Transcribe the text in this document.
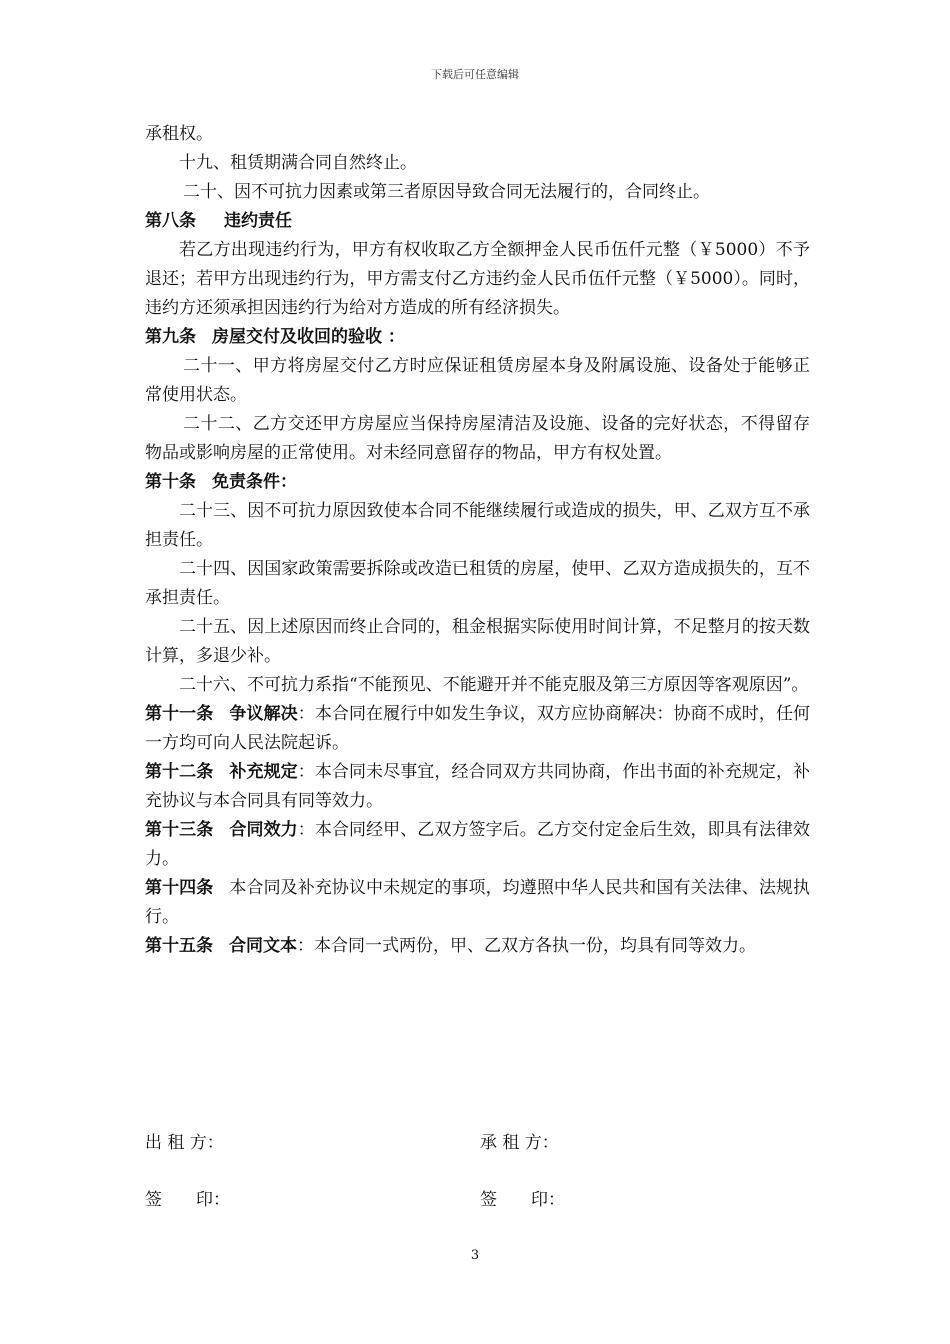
下载后可任意编辑

承租权。

十九、租赁期满合同自然终止。

二十、因不可抗力因素或第三者原因导致合同无法履行的，合同终止。

第八条 违约责任

若乙方出现违约行为，甲方有权收取乙方全额押金人民币伍仟元整（￥5000）不予退还；若甲方出现违约行为，甲方需支付乙方违约金人民币伍仟元整（￥5000）。同时，违约方还须承担因违约行为给对方造成的所有经济损失。

第九条 房屋交付及收回的验收 ：

二十一、甲方将房屋交付乙方时应保证租赁房屋本身及附属设施、设备处于能够正常使用状态。

二十二、乙方交还甲方房屋应当保持房屋清洁及设施、设备的完好状态，不得留存物品或影响房屋的正常使用。对未经同意留存的物品，甲方有权处置。

第十条 免责条件：

二十三、因不可抗力原因致使本合同不能继续履行或造成的损失，甲、乙双方互不承担责任。

二十四、因国家政策需要拆除或改造已租赁的房屋，使甲、乙双方造成损失的，互不承担责任。

二十五、因上述原因而终止合同的，租金根据实际使用时间计算，不足整月的按天数计算，多退少补。

二十六、不可抗力系指“不能预见、不能避开并不能克服及第三方原因等客观原因”。

第十一条 争议解决：本合同在履行中如发生争议，双方应协商解决：协商不成时，任何一方均可向人民法院起诉。

第十二条 补充规定：本合同未尽事宜，经合同双方共同协商，作出书面的补充规定，补充协议与本合同具有同等效力。

第十三条 合同效力：本合同经甲、乙双方签字后。乙方交付定金后生效，即具有法律效力。

第十四条 本合同及补充协议中未规定的事项，均遵照中华人民共和国有关法律、法规执行。

第十五条 合同文本：本合同一式两份，甲、乙双方各执一份，均具有同等效力。

出 租 方：	承 租 方：
签　　印：	签　　印：
3
